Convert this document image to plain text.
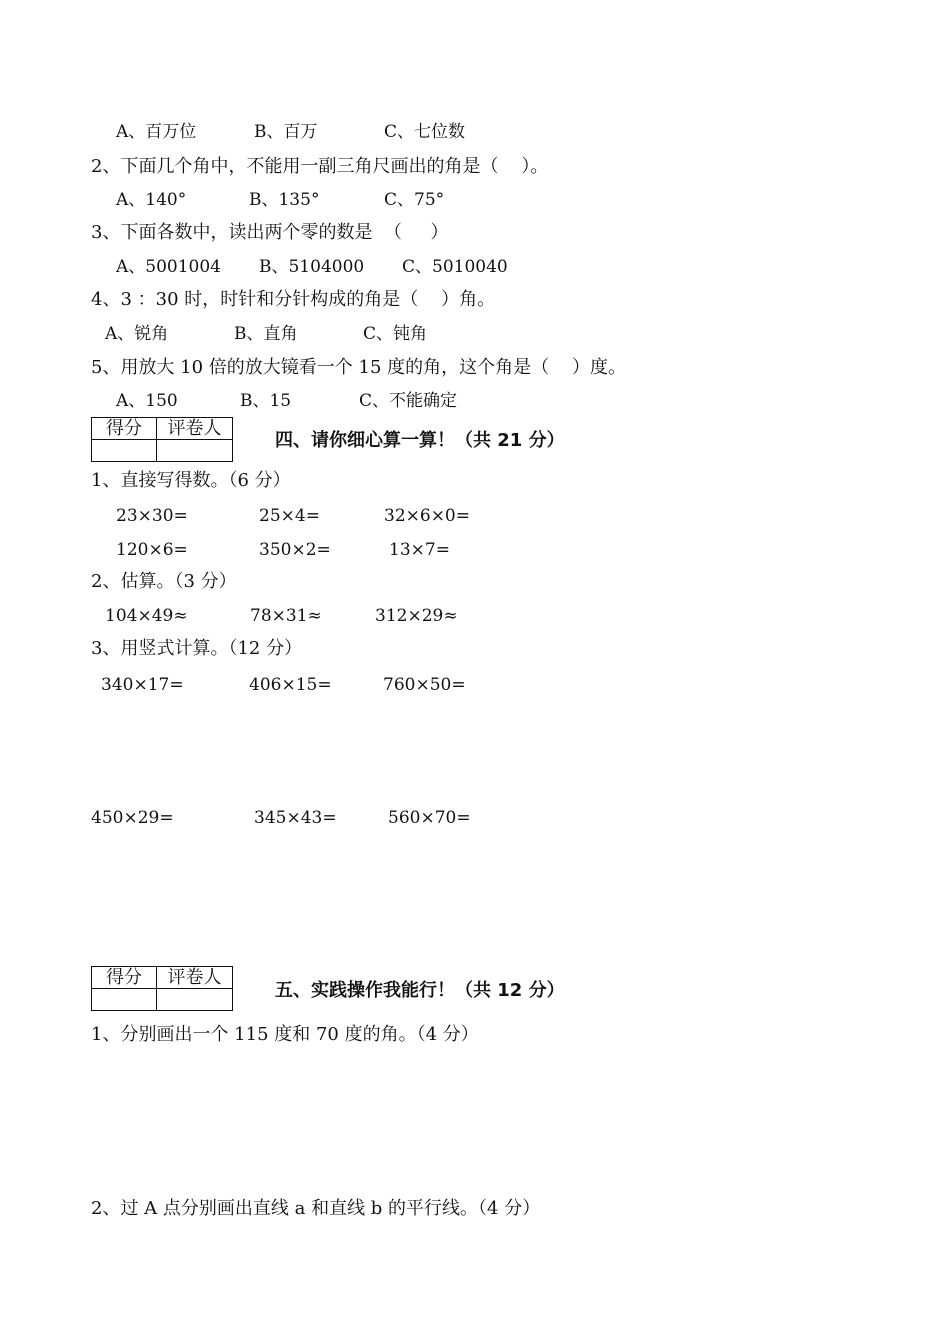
A、百万位	B、百万	C、七位数
2、下面几个角中，不能用一副三角尺画出的角是（    ）。
A、140°	B、135°	C、75°
3、下面各数中，读出两个零的数是  （     ）
A、5001004 B、5104000 C、5010040
4、3 ：30 时，时针和分针构成的角是（    ）角。
A、锐角	B、直角	C、钝角
5、用放大 10 倍的放大镜看一个 15 度的角，这个角是（    ）度。
A、150	B、15	C、不能确定
得分	评卷人

四、请你细心算一算！（共 21 分）
1、直接写得数。（6 分）
23×30=	25×4=	32×6×0=
120×6=	350×2=	13×7=
2、估算。（3 分）
104×49≈	78×31≈	312×29≈
3、用竖式计算。（12 分）
340×17=	406×15=	760×50=
450×29=	345×43=	560×70=
得分	评卷人

五、实践操作我能行！（共 12 分）
1、分别画出一个 115 度和 70 度的角。（4 分）
2、过 A 点分别画出直线 a 和直线 b 的平行线。（4 分）
